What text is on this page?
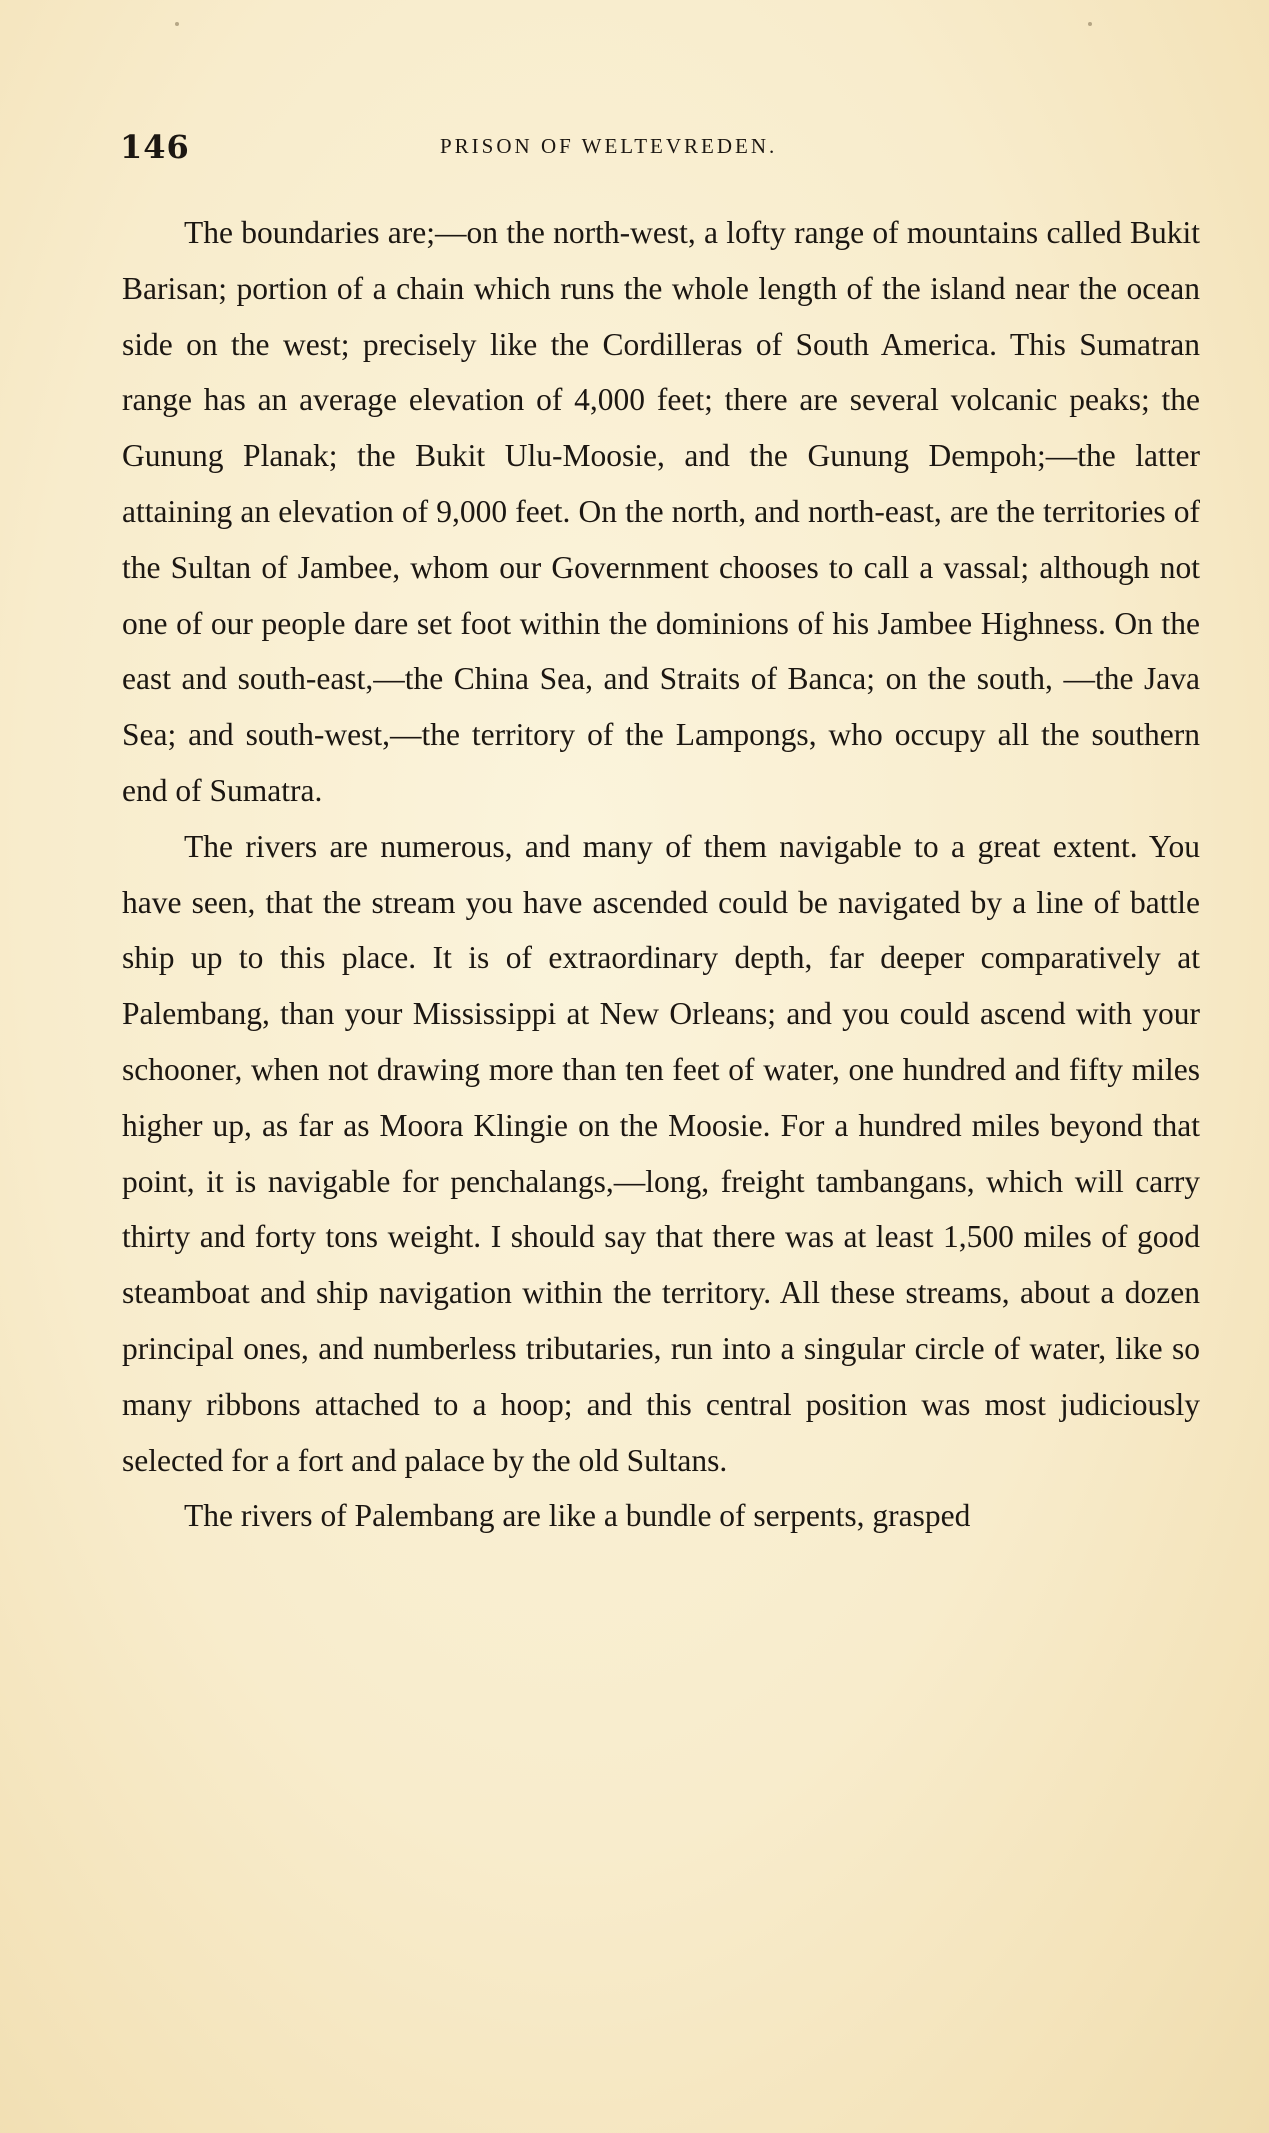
146	PRISON OF WELTEVREDEN.

The boundaries are;—on the north-west, a lofty range of mountains called Bukit Barisan; portion of a chain which runs the whole length of the island near the ocean side on the west; precisely like the Cordilleras of South America. This Sumatran range has an average elevation of 4,000 feet; there are several volcanic peaks; the Gunung Planak; the Bukit Ulu-Moosie, and the Gunung Dempoh;—the latter attaining an elevation of 9,000 feet. On the north, and north-east, are the territories of the Sultan of Jambee, whom our Government chooses to call a vassal; although not one of our people dare set foot within the dominions of his Jambee Highness. On the east and south-east,—the China Sea, and Straits of Banca; on the south, —the Java Sea; and south-west,—the territory of the Lampongs, who occupy all the southern end of Sumatra.

The rivers are numerous, and many of them navigable to a great extent. You have seen, that the stream you have ascended could be navigated by a line of battle ship up to this place. It is of extraordinary depth, far deeper comparatively at Palembang, than your Mississippi at New Orleans; and you could ascend with your schooner, when not drawing more than ten feet of water, one hundred and fifty miles higher up, as far as Moora Klingie on the Moosie. For a hundred miles beyond that point, it is navigable for penchalangs,—long, freight tambangans, which will carry thirty and forty tons weight. I should say that there was at least 1,500 miles of good steamboat and ship navigation within the territory. All these streams, about a dozen principal ones, and numberless tributaries, run into a singular circle of water, like so many ribbons attached to a hoop; and this central position was most judiciously selected for a fort and palace by the old Sultans.

The rivers of Palembang are like a bundle of serpents, grasped
